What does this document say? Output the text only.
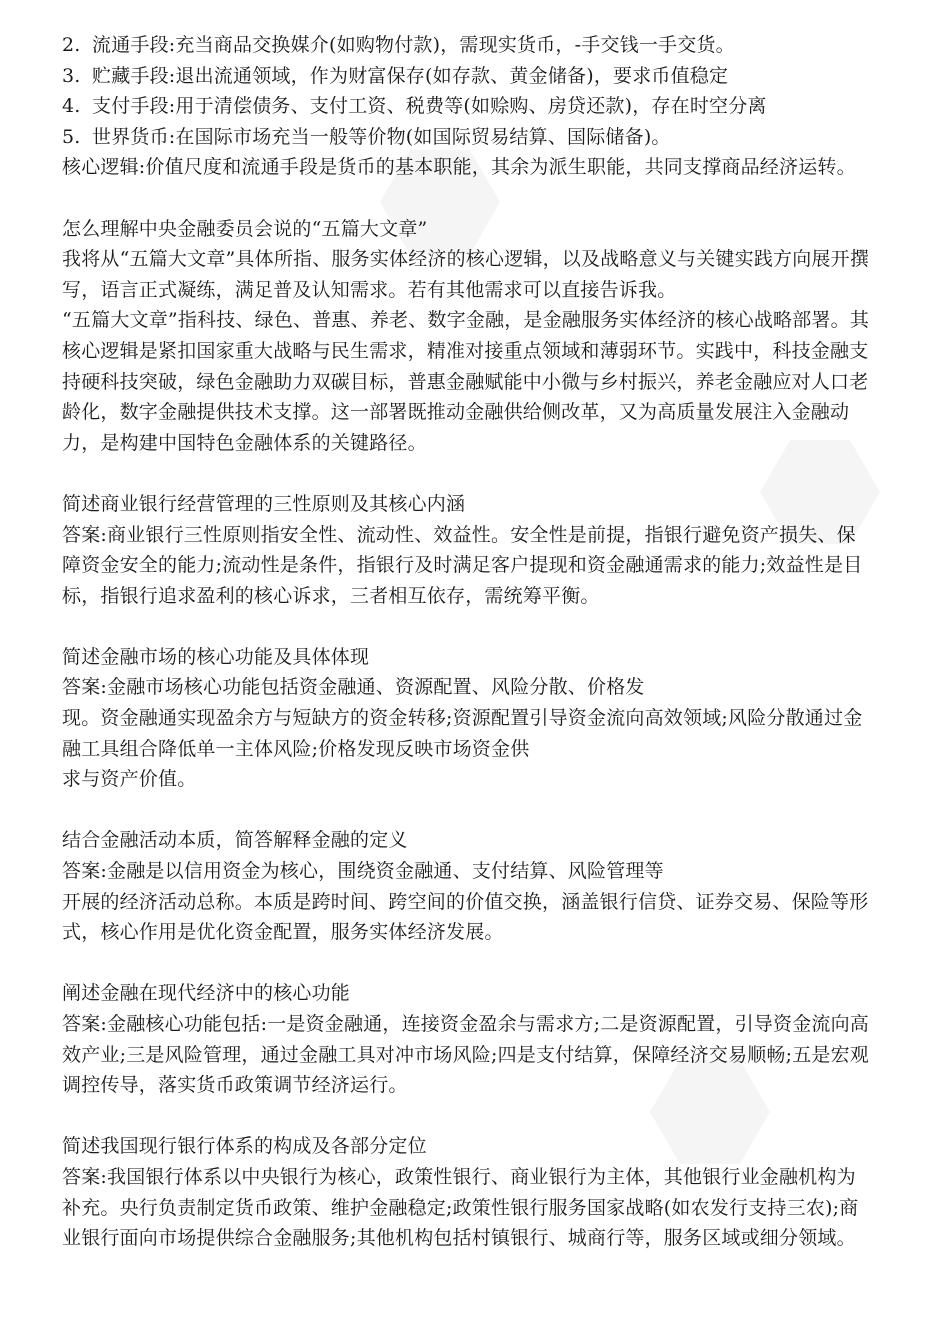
2. 流通手段:充当商品交换媒介(如购物付款)，需现实货币，-手交钱一手交货。

3. 贮藏手段:退出流通领域，作为财富保存(如存款、黄金储备)，要求币值稳定

4. 支付手段:用于清偿债务、支付工资、税费等(如赊购、房贷还款)，存在时空分离

5. 世界货币:在国际市场充当一般等价物(如国际贸易结算、国际储备)。

核心逻辑:价值尺度和流通手段是货币的基本职能，其余为派生职能，共同支撑商品经济运转。

怎么理解中央金融委员会说的“五篇大文章”

我将从“五篇大文章”具体所指、服务实体经济的核心逻辑，以及战略意义与关键实践方向展开撰写，语言正式凝练，满足普及认知需求。若有其他需求可以直接告诉我。

“五篇大文章”指科技、绿色、普惠、养老、数字金融，是金融服务实体经济的核心战略部署。其核心逻辑是紧扣国家重大战略与民生需求，精准对接重点领域和薄弱环节。实践中，科技金融支持硬科技突破，绿色金融助力双碳目标，普惠金融赋能中小微与乡村振兴，养老金融应对人口老龄化，数字金融提供技术支撑。这一部署既推动金融供给侧改革，又为高质量发展注入金融动力，是构建中国特色金融体系的关键路径。

简述商业银行经营管理的三性原则及其核心内涵

答案:商业银行三性原则指安全性、流动性、效益性。安全性是前提，指银行避免资产损失、保障资金安全的能力;流动性是条件，指银行及时满足客户提现和资金融通需求的能力;效益性是目标，指银行追求盈利的核心诉求，三者相互依存，需统筹平衡。

简述金融市场的核心功能及具体体现

答案:金融市场核心功能包括资金融通、资源配置、风险分散、价格发

现。资金融通实现盈余方与短缺方的资金转移;资源配置引导资金流向高效领域;风险分散通过金融工具组合降低单一主体风险;价格发现反映市场资金供

求与资产价值。

结合金融活动本质，简答解释金融的定义

答案:金融是以信用资金为核心，围绕资金融通、支付结算、风险管理等

开展的经济活动总称。本质是跨时间、跨空间的价值交换，涵盖银行信贷、证券交易、保险等形式，核心作用是优化资金配置，服务实体经济发展。

阐述金融在现代经济中的核心功能

答案:金融核心功能包括:一是资金融通，连接资金盈余与需求方;二是资源配置，引导资金流向高效产业;三是风险管理，通过金融工具对冲市场风险;四是支付结算，保障经济交易顺畅;五是宏观调控传导，落实货币政策调节经济运行。

简述我国现行银行体系的构成及各部分定位

答案:我国银行体系以中央银行为核心，政策性银行、商业银行为主体，其他银行业金融机构为补充。央行负责制定货币政策、维护金融稳定;政策性银行服务国家战略(如农发行支持三农);商业银行面向市场提供综合金融服务;其他机构包括村镇银行、城商行等，服务区域或细分领域。
